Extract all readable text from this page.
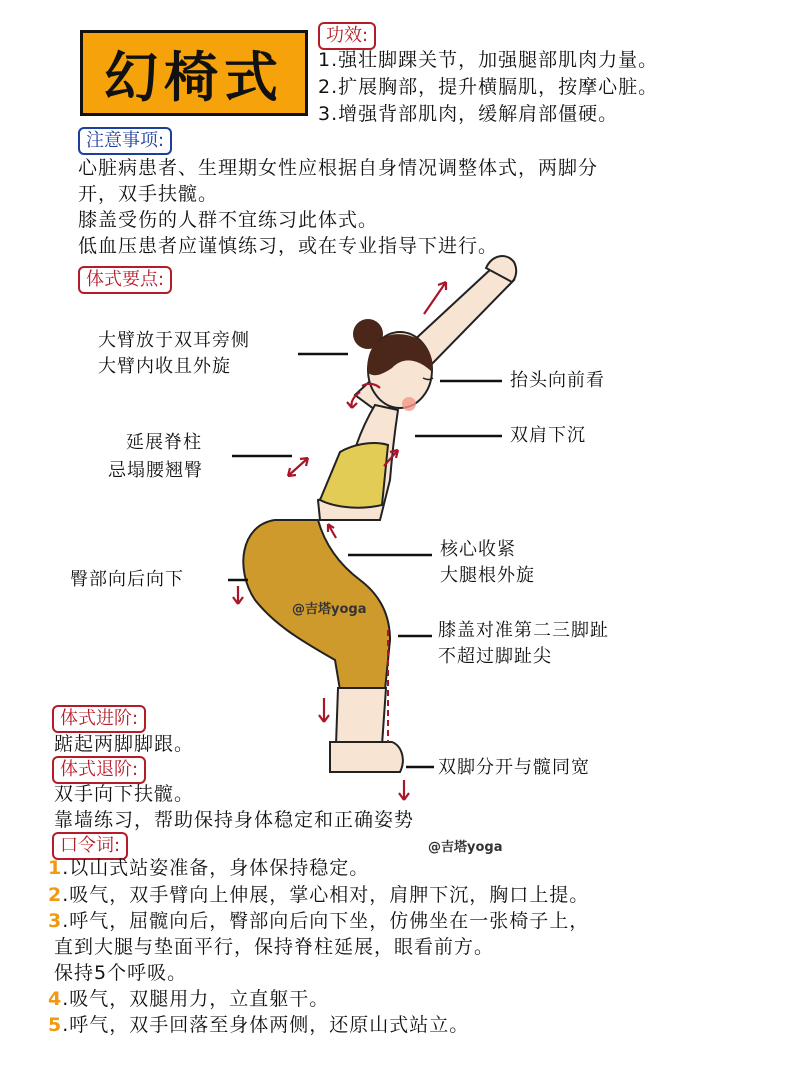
幻椅式
功效:
1.强壮脚踝关节，加强腿部肌肉力量。
2.扩展胸部，提升横膈肌，按摩心脏。
3.增强背部肌肉，缓解肩部僵硬。
注意事项:
心脏病患者、生理期女性应根据自身情况调整体式，两脚分
开，双手扶髋。
膝盖受伤的人群不宜练习此体式。
低血压患者应谨慎练习，或在专业指导下进行。
体式要点:
大臂放于双耳旁侧
大臂内收且外旋
抬头向前看
双肩下沉
延展脊柱
忌塌腰翘臀
核心收紧
大腿根外旋
臀部向后向下
膝盖对准第二三脚趾
不超过脚趾尖
双脚分开与髋同宽
@吉塔yoga
体式进阶:
踮起两脚脚跟。
体式退阶:
双手向下扶髋。
靠墙练习，帮助保持身体稳定和正确姿势
@吉塔yoga
口令词:
1.以山式站姿准备，身体保持稳定。
2.吸气，双手臂向上伸展，掌心相对，肩胛下沉，胸口上提。
3.呼气，屈髋向后，臀部向后向下坐，仿佛坐在一张椅子上，
直到大腿与垫面平行，保持脊柱延展，眼看前方。
保持5个呼吸。
4.吸气，双腿用力，立直躯干。
5.呼气，双手回落至身体两侧，还原山式站立。
